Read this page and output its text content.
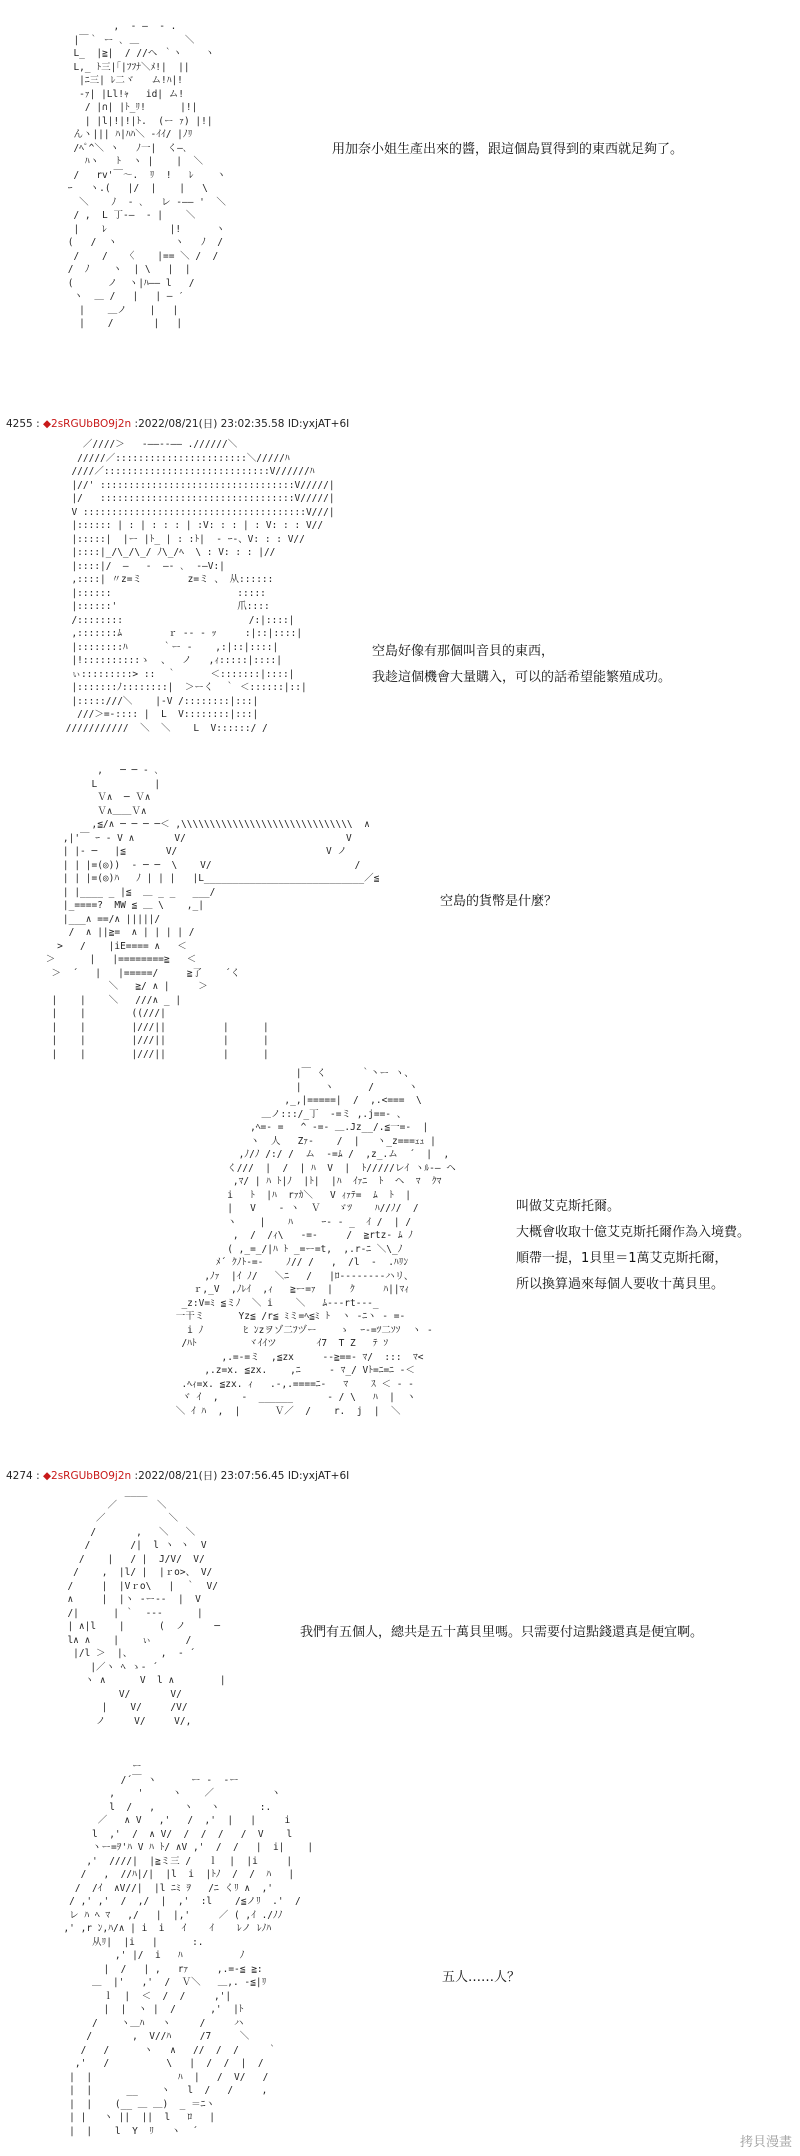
,  ‐ ―  ‐ .
|￣｀ ー ､ ＿        ＼
L_  |≧|  / //ヘ ｀ヽ    ヽ
L,_ ﾄ三|｢|ﾌﾌﾅ＼ﾒ!|  ||
|ﾆ三| ﾚ二ヾ   ム!ﾊ|!
‐ｧ| |Ll!ｬ   id| ム!
/ |∩| |ﾄ_ﾘ!      |!|
| |l|!|!|ﾄ.  (ー ｧ) |!|
んヽ||| ﾊ|ﾊﾊ＼ ‐ｲｲ/ |ﾉﾘ
/ﾍﾟ^＼ ヽ   ﾉ一|  く―､
ﾊヽ   ﾄ  ヽ |    |  ＼
/   rv'￣～.  ﾘ  !   ﾚ    ヽ
ｰ   ヽ.(   |/  |    |   \
＼    ﾉ  ‐ ､   レ ‐―― '  ＼
/ ,  L 丁‐―  - |    ＼
|    ﾚ           |!      ヽ
(   /  ヽ          ヽ   ﾉ  /
/    /   〈    |== ＼ /  /
/  ﾉ    ヽ  | \   |  |
(      ノ  ヽ|ﾊ―― l   /
ヽ  ＿ /   |   | ― ′
|    ＿ノ    |   |
|    /       |   |
用加奈小姐生產出來的醬，跟這個島買得到的東西就足夠了。
4255 : ◆2sRGUbBO9j2n :2022/08/21(日) 23:02:35.58 ID:yxjAT+6I
／////＞   ‐――‐‐―― .//////＼
/////／:::::::::::::::::::::::＼/////ﾊ
////／:::::::::::::::::::::::::::::V//////ﾊ
|//' ::::::::::::::::::::::::::::::::::V/////|
|/   ::::::::::::::::::::::::::::::::::V/////|
V :::::::::::::::::::::::::::::::::::::::V///|
|:::::: | : | : : : | :V: : : | : V: : : V//
|:::::|  |ー |ﾄ_ | : :ﾄ|  ‐ ｰ‐、V: : : V//
|::::|_/\_/\_/ ﾉ\_/ﾍ  \ : V: : : |//
|::::|/  ―   ‐  ―‐ ､  ‐―V:|
,::::| 〃z=ミ        z=ミ 、 从::::::
|::::::                      :::::
|::::::'                     爪::::
/::::::::                      /:|::::|
,:::::::ﾑ        ｒ ‐‐ ‐ ｯ     :|::|::::|
|::::::::ﾊ      ｀ー ‐    ,:|::|::::|
|!::::::::::ゝ  、  ノ   ,ｨ:::::|::::|
ぃ:::::::::> ::  ｀      ＜:::::::|::::|
|:::::::ﾉ::::::::|  ＞ーく  ｀ ＜::::::|::|
|:::::///＼    |-V /::::::::|:::|
///＞=‐:::: |  L  V::::::::|:::|
///////////  ＼  ＼    L  V::::::/ /
空島好像有那個叫音貝的東西，
我趁這個機會大量購入，可以的話希望能繁殖成功。
,   ─ ─ ‐ ､
L          |
Ｖ∧  ─ Ｖ∧
Ｖ∧＿＿Ｖ∧
,≦/∧ ─ ─ ─ ─＜ ,\\\\\\\\\\\\\\\\\\\\\\\\\\\\\\  ∧
,|'￣ ｰ ‐ V ∧       V/                            V
| |‐ ─   |≦       V/                          V ノ
| | |=(◎))  ‐ ─ ─  \    V/                         /
| | |=(◎)ﾊ   ﾉ | | |   |L____________________________／≦
| |____ _ |≦  ＿ _ _   ___/
|_====?  ΜW ≦ ＿ \    ,_|
|___∧ ==/∧ |||||/
/  ∧ ||≧=  ∧ | | | | /
>   /    |iE==== ∧   ＜
＞      |   |========≧   ＜
＞  ´   |   |=====/     ≧了    ´く
＼   ≧/ ∧ |     ＞
|    |    ＼   ///∧ _ |
|    |        ((///|
|    |        |///||          |      |
|    |        |///||          |      |
|    |        |///||          |      |
空島的貨幣是什麼？
|￣ く      ｀丶ー ヽ、
|    ヽ      /      ヽ
,_,|=====|  /  ,.<===  \
＿ノ:::/_丁  ‐=ミ ,.j==‐ 、
,ﾍ=‐ =   ^ ‐=- ＿.Jz__/.≦一=‐  |
ヽ  人   Zｧ‐    /  |   ヽ_z===ｪｭ |
,ﾉ/ﾉ /:/ /  ム  ‐=ﾑ /  ,z_.ム  ´  |  ,
く///  |  /  | ﾊ  V  |  ﾄ/////レｲ ヽﾙ‐― ヘ
,ﾏ/ | ﾊ ﾄ|ﾉ  |ﾄ|  |ﾊ  ｲｧﾆ  ﾄ  ヘ  ﾏ  ｸﾏ
i   ﾄ  |ﾊ  rｧｶ＼   V ｨｧﾃ=  ﾑ  ﾄ  |
|   V    ‐ ヽ  Ｖ   ゞﾂ    ﾊ//ﾉ/  /
ヽ    |    ﾊ     ｰ‐ ‐ _  ｲ /  | /
,  /  /ｨ\   ‐=-     /  ≧rtz‐ ﾑ ﾉ
( ,_=_/|ﾊ ﾄ _=ー=t,  ,.r‐ﾆ ＼\_ﾉ
ﾒ´ ｸﾉﾄ-=‐    ﾉ// /   ,  /l  ‐  .ﾊﾘﾝ
,ﾉｧ  |ｲ ﾉ/   ＼ﾆ   /   |ﾛ--------ハリ、
ｒ,_V  ,ﾉﾚｲ  ,ｨ   ≧ー=ｧ  |   ｸ     ﾊ||ﾏｨ
_z:V=ﾐ ≦ミﾉ  ＼ i    ＼   ﾑ‐--rt---_
一干ミ      Yz≦ /r≦ ﾐミ=ﾍ≦ﾐ ﾄ  ヽ ‐ﾆヽ ‐ =‐
i ﾉ       ﾋ ﾝzヲゾ二ﾌヅー    ゝ  ｰ-=ﾂ二ｿｿ  ヽ ‐
/ﾊﾄ         ヾｲｲツ       ｲ7  T Z   ﾃ ｿ
,.=‐=ミ  ,≦zx     ‐-≧==‐ ﾏ/  :::  ﾏ<
,.z=x. ≦zx.    ,ﾆ     ‐ ﾏ_/ Vﾄ=ﾆ=ﾆ -＜
.ﾍｨ=x. ≦zx. ｨ   .‐,.====ﾆ‐   ﾏ    ｽ ＜ ‐ ‐
ヾ ｲ  ,    ‐  ______      ‐ / \   ﾊ  |  ヽ
＼ ｲ ﾊ  ,  |      Ｖ／  /    r.  j  |  ＼
叫做艾克斯托爾。
大概會收取十億艾克斯托爾作為入境費。
順帶一提，1貝里＝1萬艾克斯托爾，
所以換算過來每個人要收十萬貝里。
4274 : ◆2sRGUbBO9j2n :2022/08/21(日) 23:07:56.45 ID:yxjAT+6I
____
／       ＼
／           ＼
/       ,   ＼   ＼
/       /|  l ヽ ヽ  V
/    |   / |  J/V/  V/
/    ,  |l/ |  |ｒo>、 V/
/     |  |Vｒo\   |  ｀  V/
∧     |  |ヽ ‐ー‐‐  |  V
/|      | ｀  ‐‐‐      |
| ∧|l    |      (  ノ     ─
l∧ ∧    |    ぃ      /
|/l ＞  |、     ,  ‐ ´
|／ヽ ﾍ ゝ‐ ´
ヽ ∧      V  l ∧        |
V/       V/
|    V/     /V/
ノ     V/     V/,
我們有五個人，總共是五十萬貝里嗎。只需要付這點錢還真是便宜啊。
ー
/´￣ ヽ      ー ‐  ‐ー
,    '     ヽ    ／          ヽ
l  /   ,     ヽ   ヽ       :.
／   ∧ V   ,'   /  ,'  |   |     i
l  ,'  /  ∧ V/  /  /  /   /  V    l
ヽー=ｦ'ﾊ V ﾊ ﾄ/ ∧V ,'  /  /   |  i|    |
,'  ////|  |≧ミ三 /   ｌ  |  |i     |
/   ,  //ﾊ|/|  |l  i  |ﾄﾉ  /  /  ﾊ   |
/  /ｲ  ∧V//|  |l ﾆﾐ ｦ   /ﾆ くﾘ ∧  ,'
/ ,' ,'  /  ,/  |  ,'  :l    /≦ノﾘ  .'  /
レ ﾊ ﾍ ﾏ   ,/   |  |,'     ／ ( ,ｲ ./ﾉﾉ
,' ,r ﾝ,ﾊ/∧ | i  i   ｲ    ｲ    ﾚノ ﾚﾉﾊ
从ﾘ|  |i   |      :.
,' |/  i   ﾊ          ﾉ
|  /   | ,   rｧ     ,.=-≦ ≧:
＿  |'   ,'  /  Ｖ＼   ＿,. ‐≦|ﾘ
ｌ  |  ＜  /  /     ,'|
|  |  ヽ |  /      ,'  |ﾄ
/    ヽ＿ﾊ   ヽ     /     ハ
/       ,  V//ﾊ     /7     ＼
/   /      ヽ   ∧   //  /  /     ｀
,'   /          \   |  /  /  |  /
|  |               ﾊ  |   /  V/   /
|  |      __    ヽ   l  /   /     ,
|  |    (__ ＿ ＿)  _ ＝ﾆヽ
| |   ヽ ||  ||  l   ﾛ   |
|  |    l  Y  ﾘ   ヽ  ´
五人……人？
拷貝漫畫
